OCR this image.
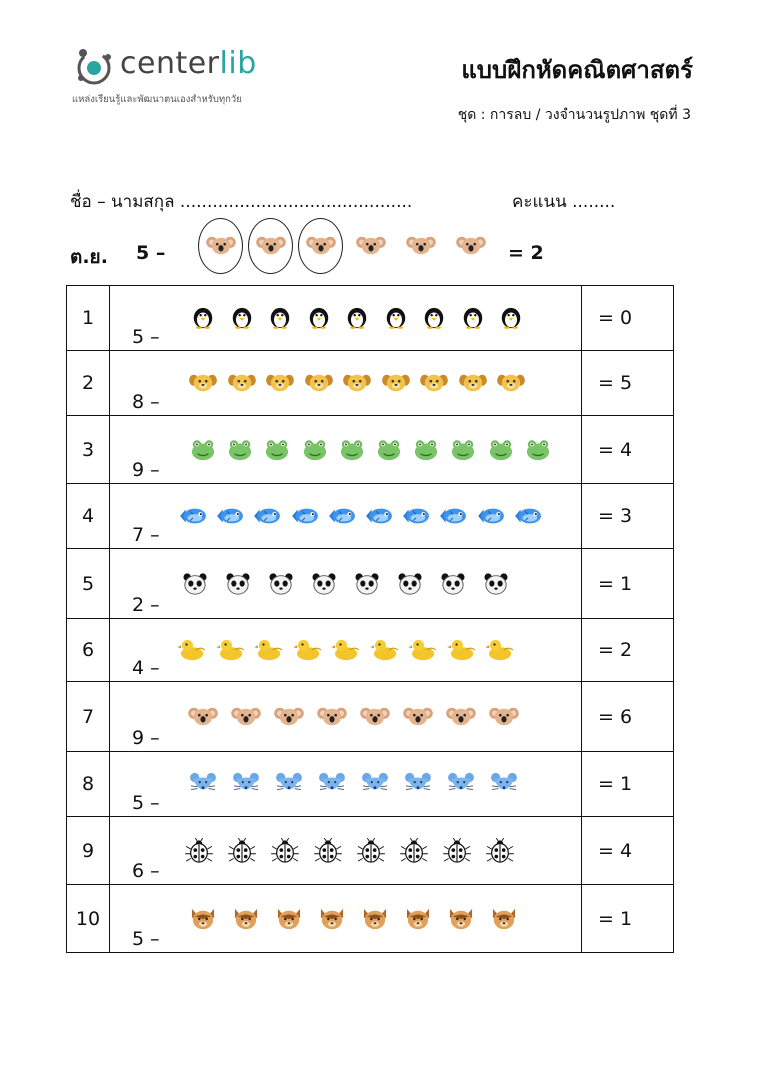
centerlib
แหล่งเรียนรู้และพัฒนาตนเองสำหรับทุกวัย
แบบฝึกหัดคณิตศาสตร์
ชุด : การลบ / วงจำนวนรูปภาพ ชุดที่ 3
ชื่อ – นามสกุล ...........................................	คะแนน ........
ต.ย. 5 –	= 2
1	5 –	= 0
2	8 –	= 5
3	9 –	= 4
4	7 –	= 3
5	2 –	= 1
6	4 –	= 2
7	9 –	= 6
8	5 –	= 1
9	6 –	= 4
10	5 –	= 1
